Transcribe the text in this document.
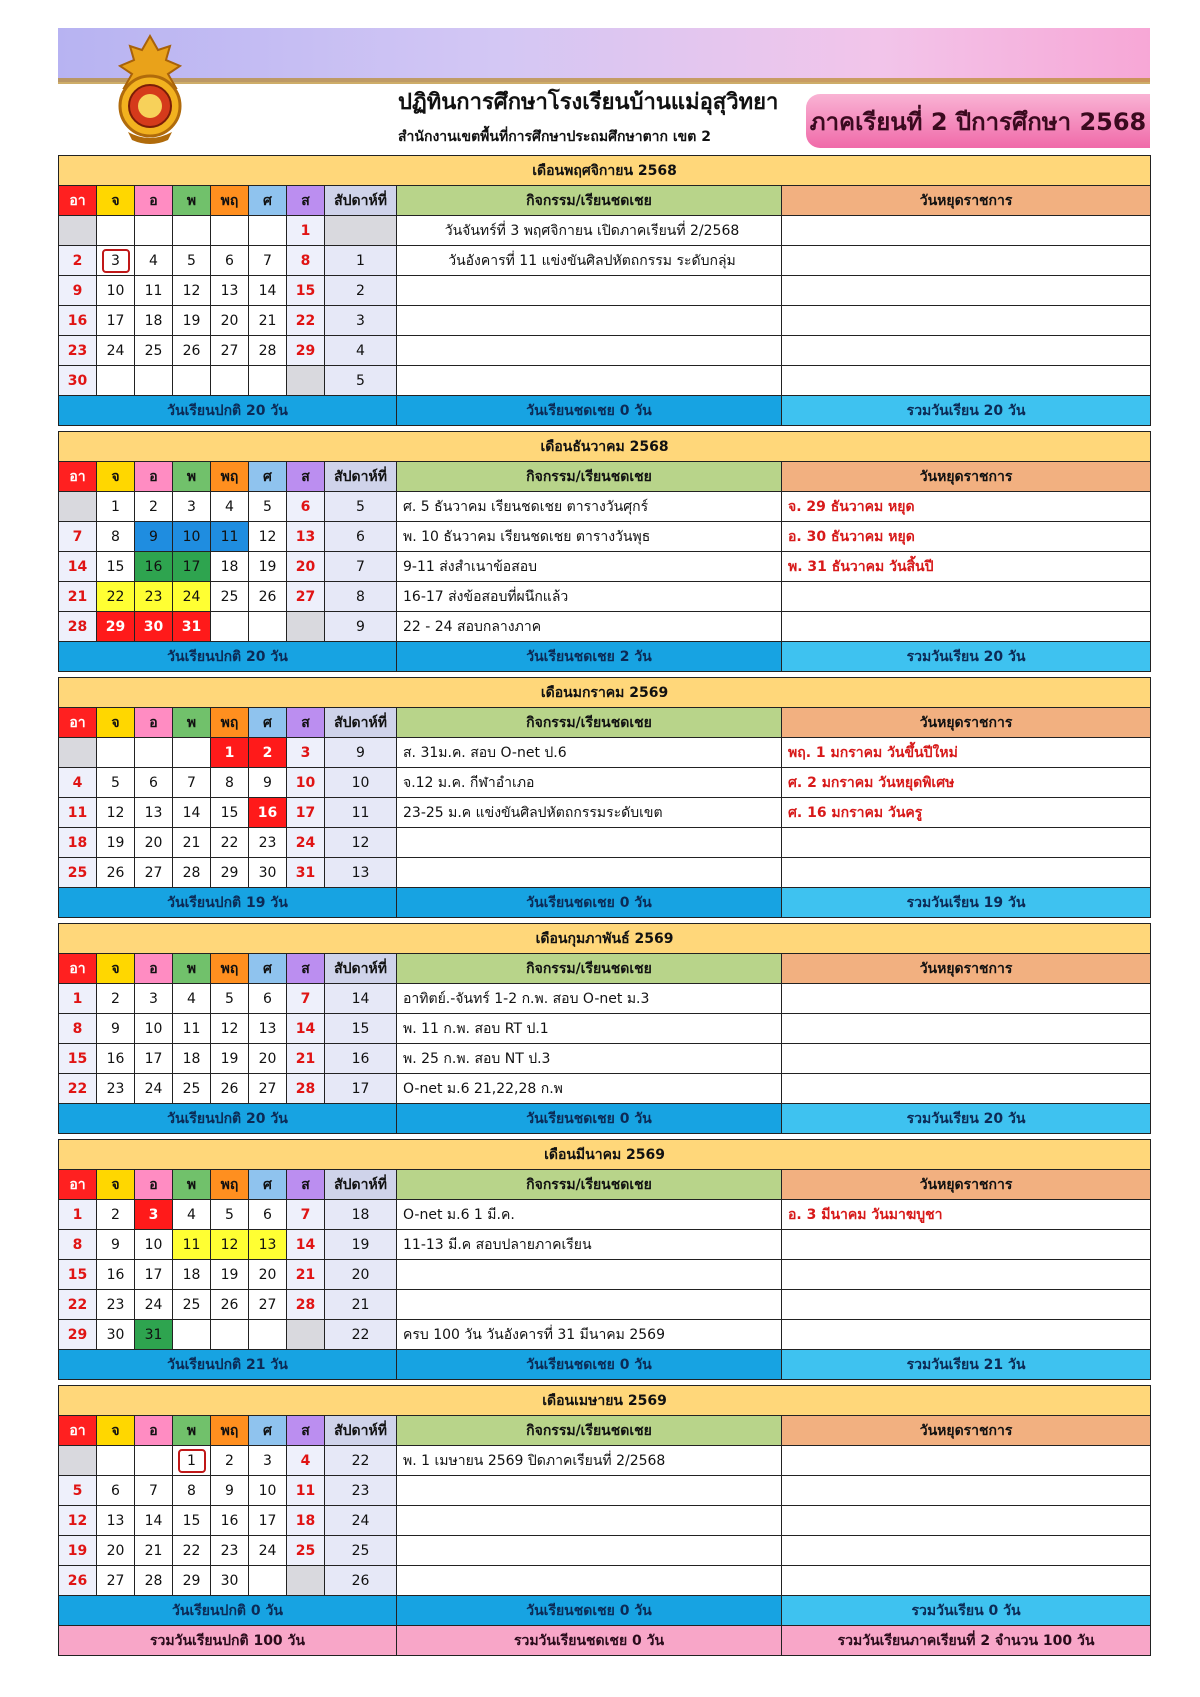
ปฏิทินการศึกษาโรงเรียนบ้านแม่อุสุวิทยา
สำนักงานเขตพื้นที่การศึกษาประถมศึกษาตาก เขต 2
ภาคเรียนที่ 2 ปีการศึกษา 2568
เดือนพฤศจิกายน 2568									
อา	จ	อ	พ	พฤ	ศ	ส	สัปดาห์ที่	กิจกรรม/เรียนชดเชย	วันหยุดราชการ
						1		วันจันทร์ที่ 3 พฤศจิกายน เปิดภาคเรียนที่ 2/2568	
2	3	4	5	6	7	8	1	วันอังคารที่ 11 แข่งขันศิลปหัตถกรรม ระดับกลุ่ม	
9	10	11	12	13	14	15	2		
16	17	18	19	20	21	22	3		
23	24	25	26	27	28	29	4		
30							5		
วันเรียนปกติ 20 วัน								วันเรียนชดเชย 0 วัน	รวมวันเรียน 20 วัน
เดือนธันวาคม 2568									
อา	จ	อ	พ	พฤ	ศ	ส	สัปดาห์ที่	กิจกรรม/เรียนชดเชย	วันหยุดราชการ
	1	2	3	4	5	6	5	ศ. 5 ธันวาคม เรียนชดเชย ตารางวันศุกร์	จ. 29 ธันวาคม หยุด
7	8	9	10	11	12	13	6	พ. 10 ธันวาคม เรียนชดเชย ตารางวันพุธ	อ. 30 ธันวาคม หยุด
14	15	16	17	18	19	20	7	9-11 ส่งสำเนาข้อสอบ	พ. 31 ธันวาคม วันสิ้นปี
21	22	23	24	25	26	27	8	16-17 ส่งข้อสอบที่ผนึกแล้ว	
28	29	30	31				9	22 - 24 สอบกลางภาค	
วันเรียนปกติ 20 วัน								วันเรียนชดเชย 2 วัน	รวมวันเรียน 20 วัน
เดือนมกราคม 2569									
อา	จ	อ	พ	พฤ	ศ	ส	สัปดาห์ที่	กิจกรรม/เรียนชดเชย	วันหยุดราชการ
				1	2	3	9	ส. 31ม.ค. สอบ O-net ป.6	พฤ. 1 มกราคม วันขึ้นปีใหม่
4	5	6	7	8	9	10	10	จ.12 ม.ค. กีฬาอำเภอ	ศ. 2 มกราคม วันหยุดพิเศษ
11	12	13	14	15	16	17	11	23-25 ม.ค แข่งขันศิลปหัตถกรรมระดับเขต	ศ. 16 มกราคม วันครู
18	19	20	21	22	23	24	12		
25	26	27	28	29	30	31	13		
วันเรียนปกติ 19 วัน								วันเรียนชดเชย 0 วัน	รวมวันเรียน 19 วัน
เดือนกุมภาพันธ์ 2569									
อา	จ	อ	พ	พฤ	ศ	ส	สัปดาห์ที่	กิจกรรม/เรียนชดเชย	วันหยุดราชการ
1	2	3	4	5	6	7	14	อาทิตย์.-จันทร์ 1-2 ก.พ. สอบ O-net ม.3	
8	9	10	11	12	13	14	15	พ. 11 ก.พ. สอบ RT ป.1	
15	16	17	18	19	20	21	16	พ. 25 ก.พ. สอบ NT ป.3	
22	23	24	25	26	27	28	17	O-net ม.6 21,22,28 ก.พ	
วันเรียนปกติ 20 วัน								วันเรียนชดเชย 0 วัน	รวมวันเรียน 20 วัน
เดือนมีนาคม 2569									
อา	จ	อ	พ	พฤ	ศ	ส	สัปดาห์ที่	กิจกรรม/เรียนชดเชย	วันหยุดราชการ
1	2	3	4	5	6	7	18	O-net ม.6 1 มี.ค.	อ. 3 มีนาคม วันมาฆบูชา
8	9	10	11	12	13	14	19	11-13 มี.ค สอบปลายภาคเรียน	
15	16	17	18	19	20	21	20		
22	23	24	25	26	27	28	21		
29	30	31					22	ครบ 100 วัน วันอังคารที่ 31 มีนาคม 2569	
วันเรียนปกติ 21 วัน								วันเรียนชดเชย 0 วัน	รวมวันเรียน 21 วัน
เดือนเมษายน 2569									
อา	จ	อ	พ	พฤ	ศ	ส	สัปดาห์ที่	กิจกรรม/เรียนชดเชย	วันหยุดราชการ
			1	2	3	4	22	พ. 1 เมษายน 2569 ปิดภาคเรียนที่ 2/2568	
5	6	7	8	9	10	11	23		
12	13	14	15	16	17	18	24		
19	20	21	22	23	24	25	25		
26	27	28	29	30			26		
วันเรียนปกติ 0 วัน								วันเรียนชดเชย 0 วัน	รวมวันเรียน 0 วัน
รวมวันเรียนปกติ 100 วัน								รวมวันเรียนชดเชย 0 วัน	รวมวันเรียนภาคเรียนที่ 2 จำนวน 100 วัน
